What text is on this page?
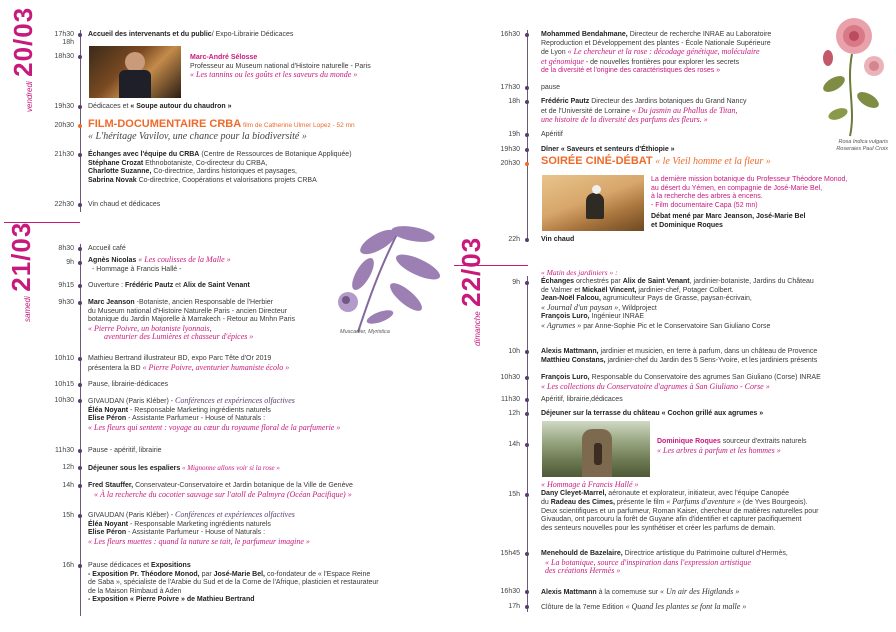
vendredi 20/03	17h30
18h
Accueil des intervenants et du public/ Expo-Librairie Dédicaces
18h30	Marc-André Sélosse
Professeur au Museum national d'Histoire naturelle - Paris
« Les tannins ou les goûts et les saveurs du monde »
19h30 Dédicaces et « Soupe autour du chaudron »
20h30 FILM-DOCUMENTAIRE CRBA film de Catherine Ulmer Lopez - 52 mn
« L'héritage Vavilov, une chance pour la biodiversité »
21h30 Échanges avec l'équipe du CRBA (Centre de Ressources de Botanique Appliquée)
Stéphane Crozat Ethnobotaniste, Co-directeur du CRBA,
Charlotte Suzanne, Co-directrice, Jardins historiques et paysages,
Sabrina Novak Co-directrice, Coopérations et valorisations projets CRBA
22h30 Vin chaud et dédicaces
samedi 21/03	8h30 Accueil café
9h Agnès Nicolas « Les coulisses de la Malle »
- Hommage à Francis Hallé -
9h15 Ouverture : Frédéric Pautz et Alix de Saint Venant
9h30 Marc Jeanson -Botaniste, ancien Responsable de l'Herbier
du Museum national d'Histoire Naturelle Paris - ancien Directeur
botanique du Jardin Majorelle à Marrakech - Retour au Mnhn Paris
« Pierre Poivre, un botaniste lyonnais,
aventurier des Lumières et chasseur d'épices »
Muscadier, Myristica
10h10 Mathieu Bertrand illustrateur BD, expo Parc Tête d'Or 2019
présentera la BD « Pierre Poivre, aventurier humaniste écolo »
10h15 Pause, librairie-dédicaces
10h30 GIVAUDAN (Paris Kléber) - Conférences et expériences olfactives
Éléa Noyant - Responsable Marketing ingrédients naturels
Elise Péron - Assistante Parfumeur - House of Naturals :
« Les fleurs qui sentent : voyage au cœur du royaume floral de la parfumerie »
11h30 Pause - apéritif, librairie
12h Déjeuner sous les espaliers « Mignonne allons voir si la rose »
14h Fred Stauffer, Conservateur-Conservatoire et Jardin botanique de la Ville de Genève
« À la recherche du cocotier sauvage sur l'atoll de Palmyra (Océan Pacifique) »
15h GIVAUDAN (Paris Kléber) - Conférences et expériences olfactives
Éléa Noyant - Responsable Marketing ingrédients naturels
Elise Péron - Assistante Parfumeur - House of Naturals :
« Les fleurs muettes : quand la nature se tait, le parfumeur imagine »
16h Pause dédicaces et Expositions
- Exposition Pr. Théodore Monod, par José-Marie Bel, co-fondateur de « l'Espace Reine
de Saba », spécialiste de l'Arabie du Sud et de la Corne de l'Afrique, plasticien et restaurateur
de la Maison Rimbaud à Aden
- Exposition « Pierre Poivre » de Mathieu Bertrand
16h30	Mohammed Bendahmane, Directeur de recherche INRAE au Laboratoire
Reproduction et Développement des plantes - École Nationale Supérieure
de Lyon « Le chercheur et la rose : décodage génétique, moléculaire
et génomique - de nouvelles frontières pour explorer les secrets
de la diversité et l'origine des caractéristiques des roses »
Rosa Indica vulgaris
Roseraies Paul Croix
17h30	pause
18h	Frédéric Pautz Directeur des Jardins botaniques du Grand Nancy
et de l'Université de Lorraine « Du jasmin au Phallus de Titan,
une histoire de la diversité des parfums des fleurs. »
19h	Apéritif
19h30	Dîner « Saveurs et senteurs d'Éthiopie »
20h30 SOIRÉE CINÉ-DÉBAT « le Vieil homme et la fleur »
La dernière mission botanique du Professeur Théodore Monod,
au désert du Yémen, en compagnie de José-Marie Bel,
à la recherche des arbres à encens.
- Film documentaire Capa (52 mn)
Débat mené par Marc Jeanson, José-Marie Bel
et Dominique Roques
22h	Vin chaud
dimanche 22/03	« Matin des jardiniers » :
9h	Échanges orchestrés par Alix de Saint Venant, jardinier-botaniste, Jardins du Château
de Valmer et Mickaël Vincent, jardinier-chef, Potager Colbert.
Jean-Noël Falcou, agrumiculteur Pays de Grasse, paysan-écrivain,
« Journal d'un paysan », Wildproject
François Luro, Ingénieur INRAE
« Agrumes » par Anne-Sophie Pic et le Conservatoire San Giuliano Corse
10h	Alexis Mattmann, jardinier et musicien, en terre à parfum, dans un château de Provence
Matthieu Constans, jardinier-chef du Jardin des 5 Sens-Yvoire, et les jardiniers présents
10h30	François Luro, Responsable du Conservatoire des agrumes San Giuliano (Corse) INRAE
« Les collections du Conservatoire d'agrumes à San Giuliano - Corse »
11h30	Apéritif, librairie,dédicaces
12h	Déjeuner sur la terrasse du château « Cochon grillé aux agrumes »
14h	Dominique Roques sourceur d'extraits naturels
« Les arbres à parfum et les hommes »
15h
« Hommage à Francis Hallé »
Dany Cleyet-Marrel, aéronaute et explorateur, initiateur, avec l'équipe Canopée
du Radeau des Cimes, présente le film « Parfums d'aventure » (de Yves Bourgeois).
Deux scientifiques et un parfumeur, Roman Kaiser, chercheur de matières naturelles pour
Givaudan, ont parcouru la forêt de Guyane afin d'identifier et capturer pacifiquement
des senteurs nouvelles pour les synthétiser et créer les parfums de demain.
15h45	Menehould de Bazelaire, Directrice artistique du Patrimoine culturel d'Hermès,
« La botanique, source d'inspiration dans l'expression artistique
des créations Hermès »
16h30	Alexis Mattmann à la cornemuse sur « Un air des Higtlands »
17h	Clôture de la 7eme Edition « Quand les plantes se font la malle »
